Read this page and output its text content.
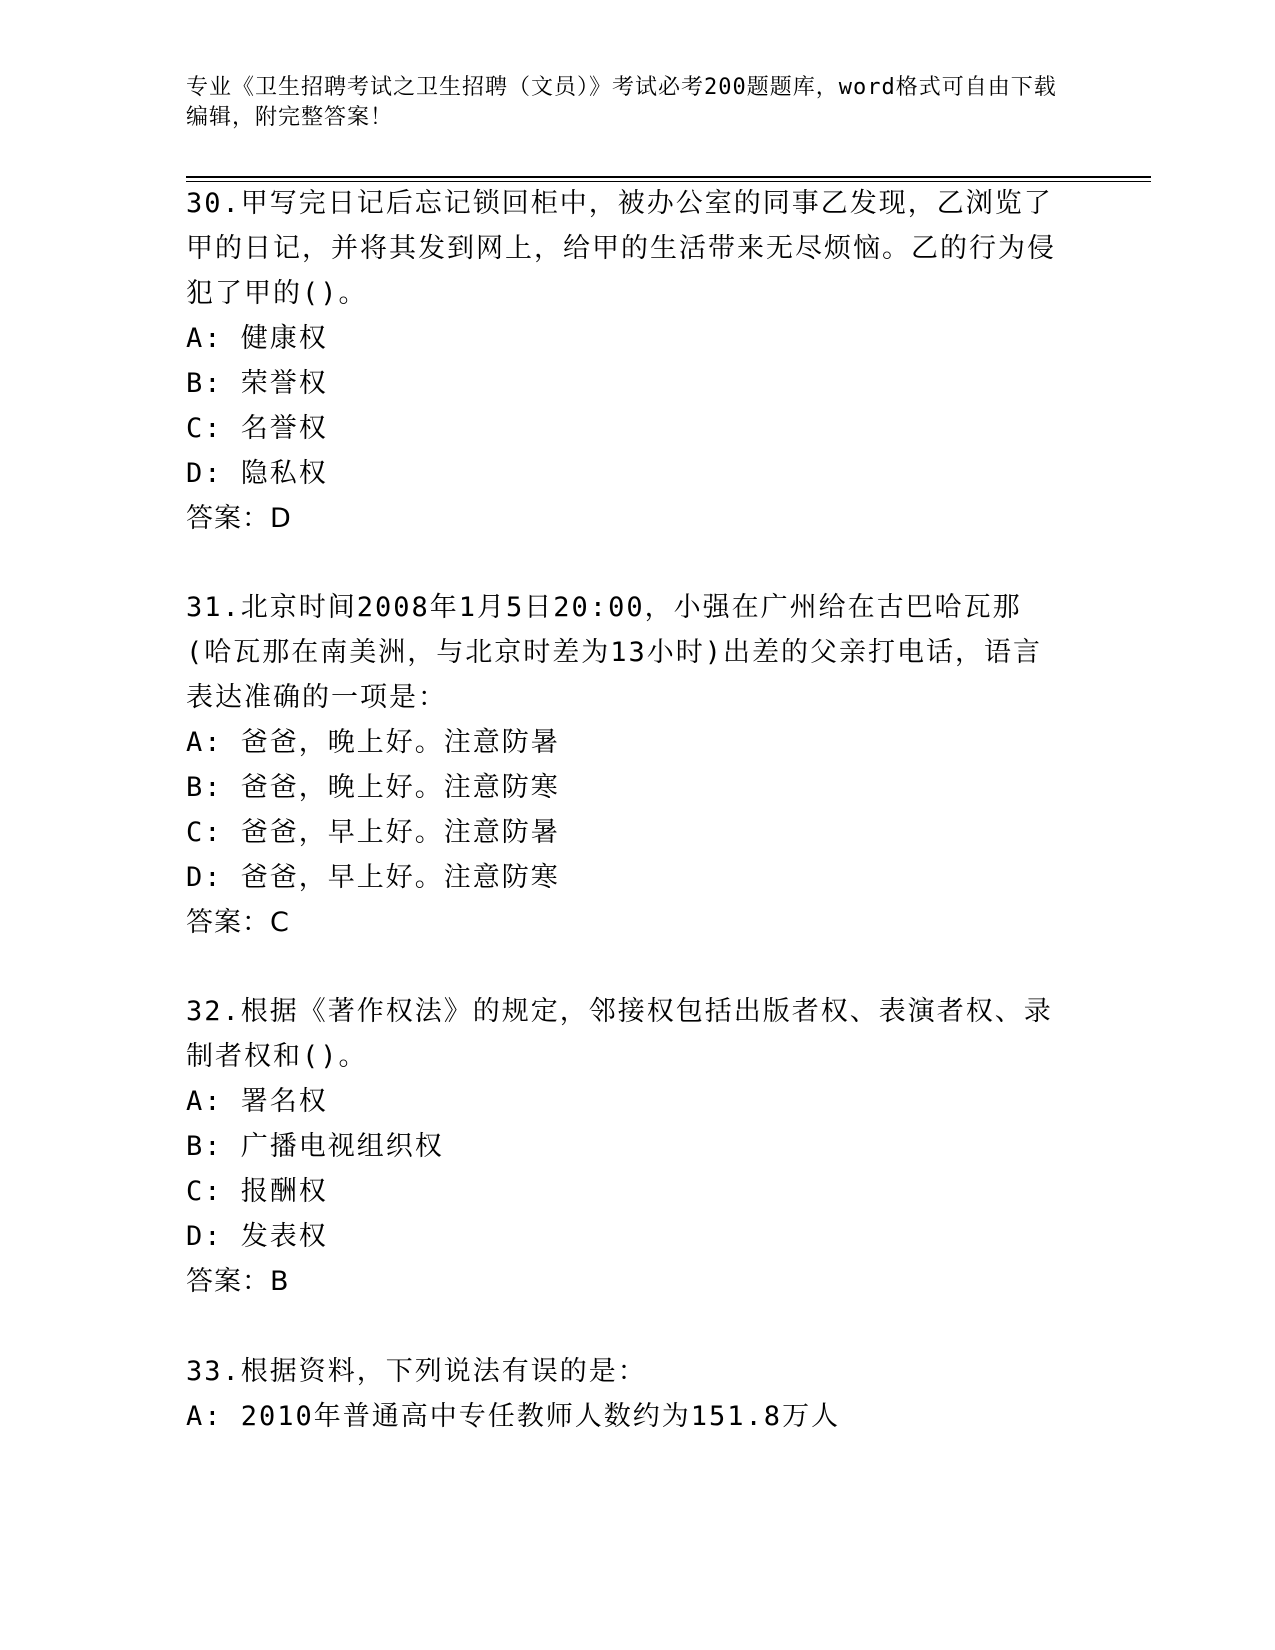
专业《卫生招聘考试之卫生招聘（文员）》考试必考200题题库，word格式可自由下载编辑，附完整答案！

30.甲写完日记后忘记锁回柜中，被办公室的同事乙发现，乙浏览了甲的日记，并将其发到网上，给甲的生活带来无尽烦恼。乙的行为侵犯了甲的()。

A: 健康权
B: 荣誉权
C: 名誉权
D: 隐私权
答案：D

31.北京时间2008年1月5日20:00，小强在广州给在古巴哈瓦那(哈瓦那在南美洲，与北京时差为13小时)出差的父亲打电话，语言表达准确的一项是：

A: 爸爸，晚上好。注意防暑
B: 爸爸，晚上好。注意防寒
C: 爸爸，早上好。注意防暑
D: 爸爸，早上好。注意防寒
答案：C

32.根据《著作权法》的规定，邻接权包括出版者权、表演者权、录制者权和()。

A: 署名权
B: 广播电视组织权
C: 报酬权
D: 发表权
答案：B

33.根据资料，下列说法有误的是：

A: 2010年普通高中专任教师人数约为151.8万人
